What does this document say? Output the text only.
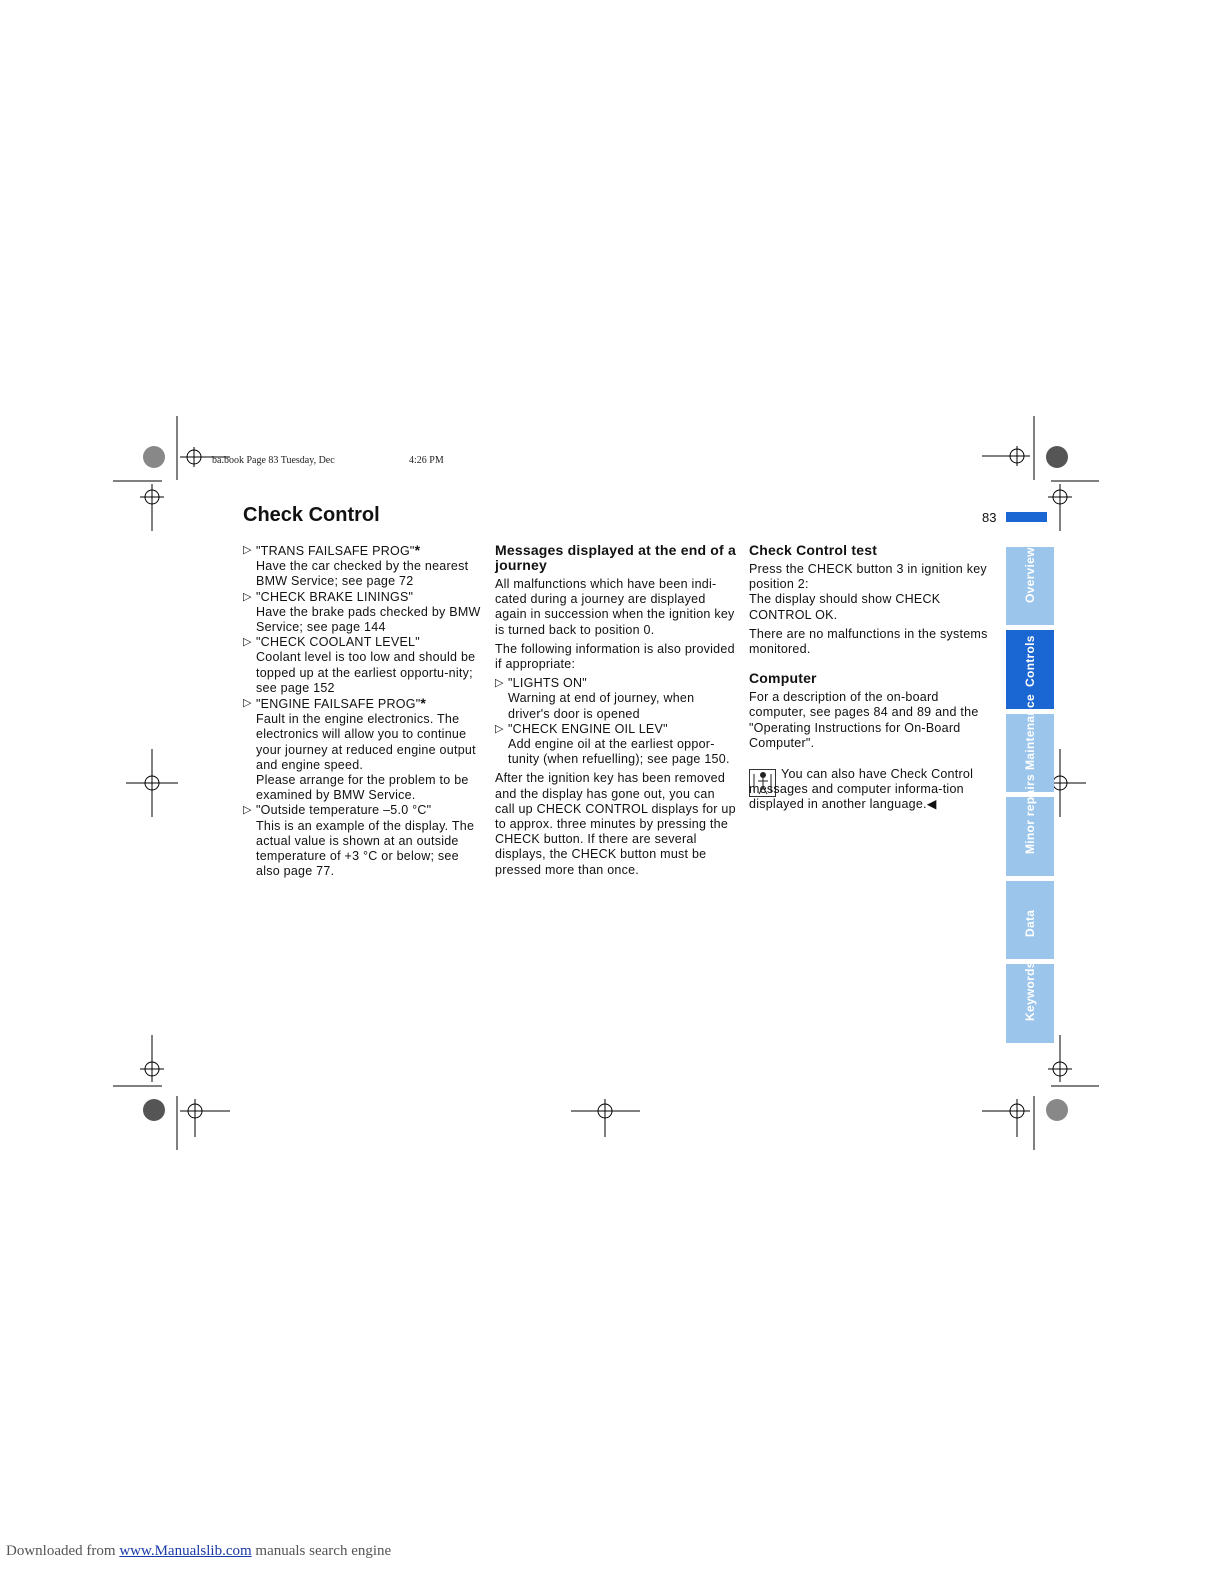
ba.book Page 83 Tuesday, Dec	4:26 PM
Check Control	83
▷ "TRANS FAILSAFE PROG"*
Have the car checked by the nearest BMW Service; see page 72
▷ "CHECK BRAKE LININGS"
Have the brake pads checked by BMW Service; see page 144
▷ "CHECK COOLANT LEVEL"
Coolant level is too low and should be topped up at the earliest opportu-nity; see page 152
▷ "ENGINE FAILSAFE PROG"*
Fault in the engine electronics. The electronics will allow you to continue your journey at reduced engine output and engine speed.
Please arrange for the problem to be examined by BMW Service.
▷ "Outside temperature –5.0 °C"
This is an example of the display. The actual value is shown at an outside temperature of +3 °C or below; see also page 77.
Messages displayed at the end of a journey

All malfunctions which have been indi-cated during a journey are displayed again in succession when the ignition key is turned back to position 0.

The following information is also provided if appropriate:

▷ "LIGHTS ON"
Warning at end of journey, when driver's door is opened
▷ "CHECK ENGINE OIL LEV"
Add engine oil at the earliest oppor-tunity (when refuelling); see page 150.

After the ignition key has been removed and the display has gone out, you can call up CHECK CONTROL displays for up to approx. three minutes by pressing the CHECK button. If there are several displays, the CHECK button must be pressed more than once.

Check Control test

Press the CHECK button 3 in ignition key position 2:

The display should show CHECK CONTROL OK.

There are no malfunctions in the systems monitored.

Computer

For a description of the on-board computer, see pages 84 and 89 and the "Operating Instructions for On-Board Computer".

You can also have Check Control messages and computer informa-tion displayed in another language.◀
Overview
Controls
Maintenance
Minor repairs
Data
Keywords
Downloaded from www.Manualslib.com manuals search engine
